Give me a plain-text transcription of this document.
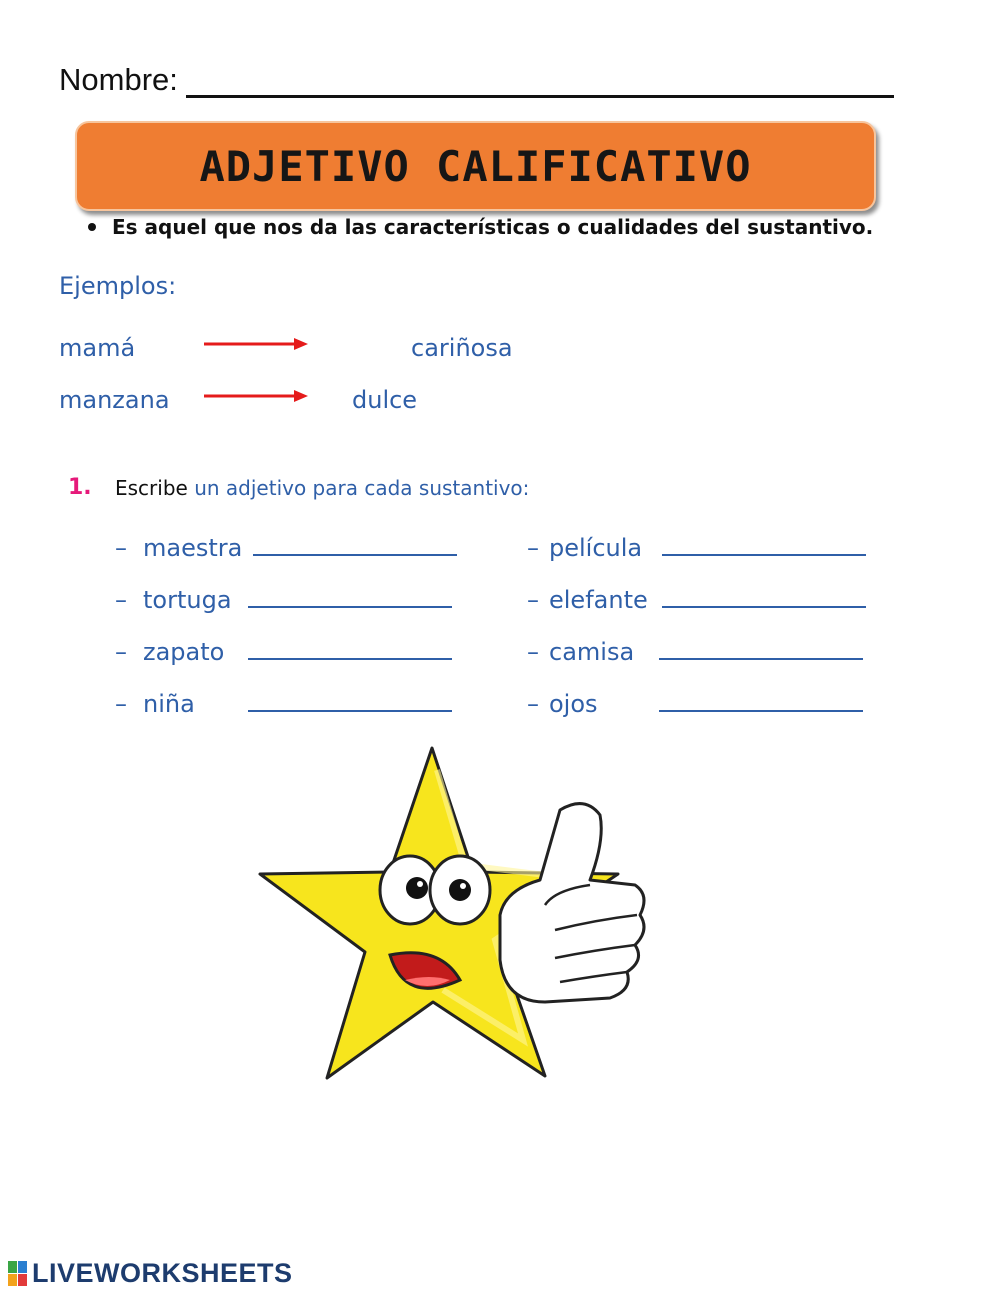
Nombre:
ADJETIVO CALIFICATIVO
Es aquel que nos da las características o cualidades del sustantivo.
Ejemplos:
mamá	cariñosa
manzana	dulce
1. Escribe un adjetivo para cada sustantivo:
– maestra
– tortuga
– zapato
– niña
– película
– elefante
– camisa
– ojos
LIVEWORKSHEETS
